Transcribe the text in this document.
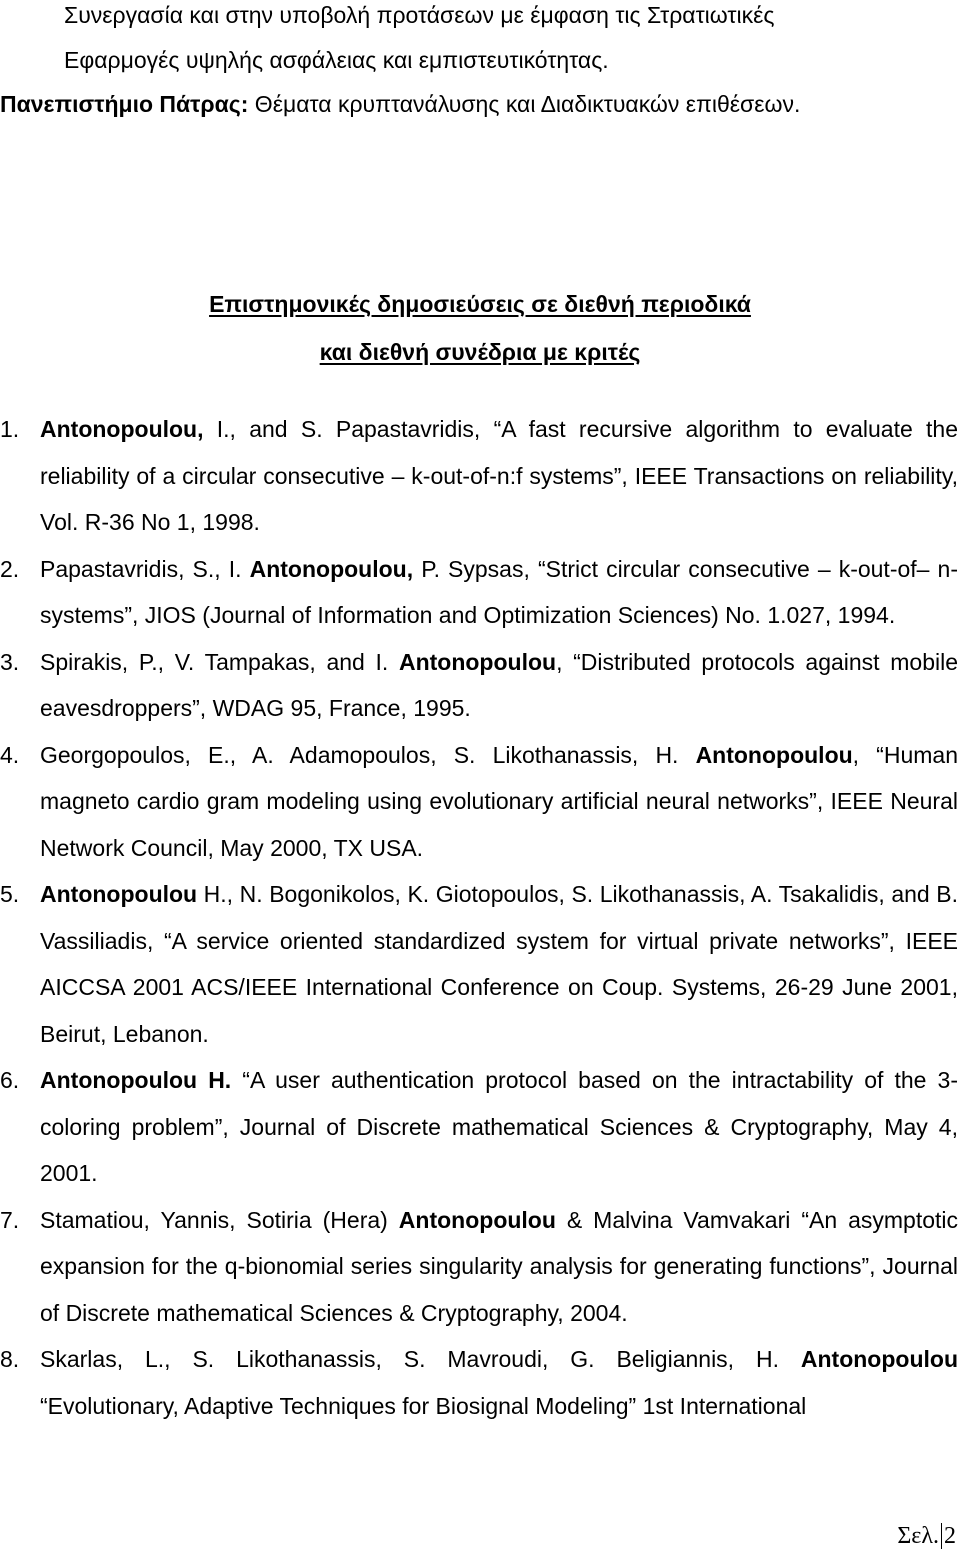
Συνεργασία και στην υποβολή προτάσεων με έμφαση τις Στρατιωτικές
Εφαρμογές υψηλής ασφάλειας και εμπιστευτικότητας.
Πανεπιστήμιο Πάτρας: Θέματα κρυπτανάλυσης και Διαδικτυακών επιθέσεων.
Επιστημονικές δημοσιεύσεις σε διεθνή περιοδικά
και διεθνή συνέδρια με κριτές
1. Antonopoulou, I., and S. Papastavridis, “A fast recursive algorithm to evaluate the reliability of a circular consecutive – k-out-of-n:f systems”, IEEE Transactions on reliability, Vol. R-36 No 1, 1998.
2. Papastavridis, S., I. Antonopoulou, P. Sypsas, “Strict circular consecutive – k-out-of– n-systems”, JIOS (Journal of Information and Optimization Sciences) No. 1.027, 1994.
3. Spirakis, P., V. Tampakas, and I. Antonopoulou, “Distributed protocols against mobile eavesdroppers”, WDAG 95, France, 1995.
4. Georgopoulos, E., A. Adamopoulos, S. Likothanassis, H. Antonopoulou, “Human magneto cardio gram modeling using evolutionary artificial neural networks”, IEEE Neural Network Council, May 2000, TX USA.
5. Antonopoulou H., N. Bogonikolos, K. Giotopoulos, S. Likothanassis, A. Tsakalidis, and B. Vassiliadis, “A service oriented standardized system for virtual private networks”, IEEE AICCSA 2001 ACS/IEEE International Conference on Coup. Systems, 26-29 June 2001, Beirut, Lebanon.
6. Antonopoulou H. “A user authentication protocol based on the intractability of the 3-coloring problem”, Journal of Discrete mathematical Sciences & Cryptography, May 4, 2001.
7. Stamatiou, Yannis, Sotiria (Hera) Antonopoulou & Malvina Vamvakari “An asymptotic expansion for the q-bionomial series singularity analysis for generating functions”, Journal of Discrete mathematical Sciences & Cryptography, 2004.
8. Skarlas, L., S. Likothanassis, S. Mavroudi, G. Beligiannis, H. Antonopoulou “Evolutionary, Adaptive Techniques for Biosignal Modeling” 1st International
Σελ. 2
